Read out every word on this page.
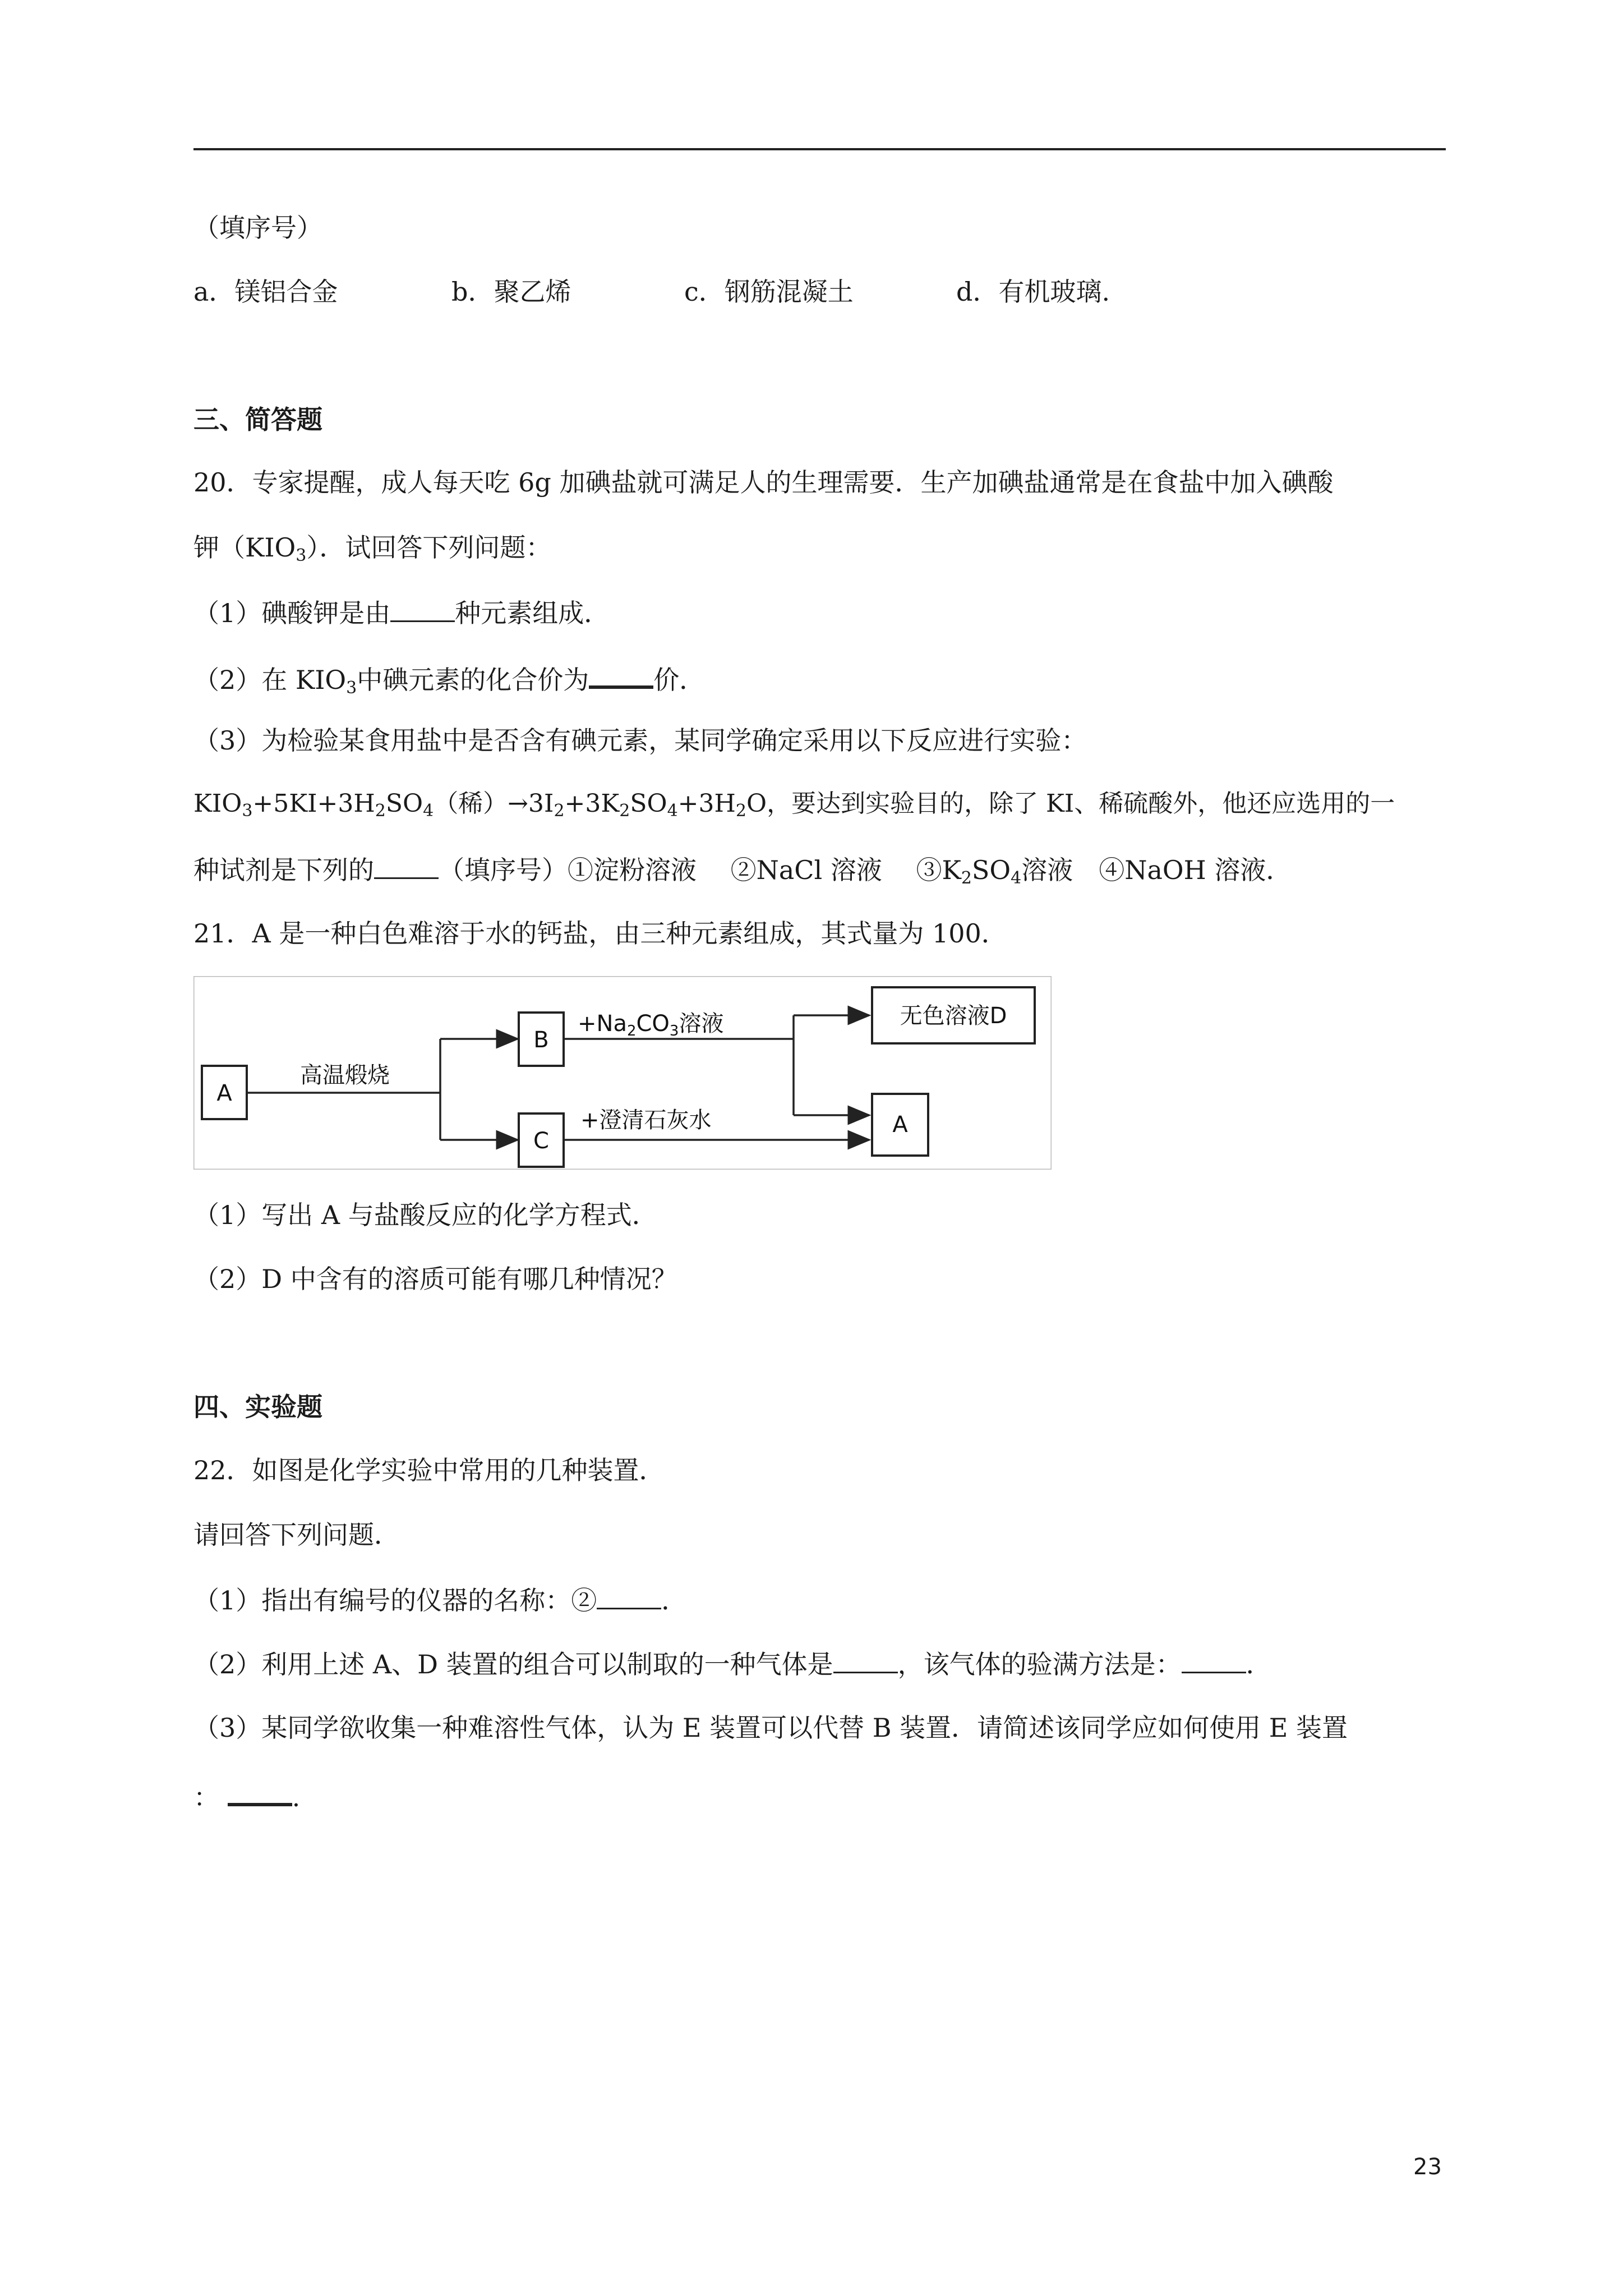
（填序号）
a．镁铝合金	b．聚乙烯	c．钢筋混凝土	d．有机玻璃.
三、简答题
20．专家提醒，成人每天吃 6g 加碘盐就可满足人的生理需要．生产加碘盐通常是在食盐中加入碘酸
钾$(KIO_3)$．试回答下列问题：
（1）碘酸钾是由	种元素组成．
（2）在 $KIO_3$中碘元素的化合价为	价．
（3）为检验某食用盐中是否含有碘元素，某同学确定采用以下反应进行实验：
$KIO_3+5KI+3H_2SO_4$（稀）$\to 3I_2+3K_2SO_4+3H_2O$，要达到实验目的，除了 KI、稀硫酸外，他还应选用的一
种试剂是下列的	（填序号）①淀粉溶液　 ②NaCl 溶液　 $③K_2SO_4$溶液　④NaOH 溶液．
21．A 是一种白色难溶于水的钙盐，由三种元素组成，其式量为 100．
A
高温煅烧
B
C
$+Na_2CO_3$溶液
+澄清石灰水
无色溶液D
A
（1）写出 A 与盐酸反应的化学方程式．
（2）D 中含有的溶质可能有哪几种情况？
四、实验题
22．如图是化学实验中常用的几种装置．
请回答下列问题．
（1）指出有编号的仪器的名称：②	．
（2）利用上述 A、D 装置的组合可以制取的一种气体是	，该气体的验满方法是：	．
（3）某同学欲收集一种难溶性气体，认为 E 装置可以代替 B 装置．请简述该同学应如何使用 E 装置
：	.
23
